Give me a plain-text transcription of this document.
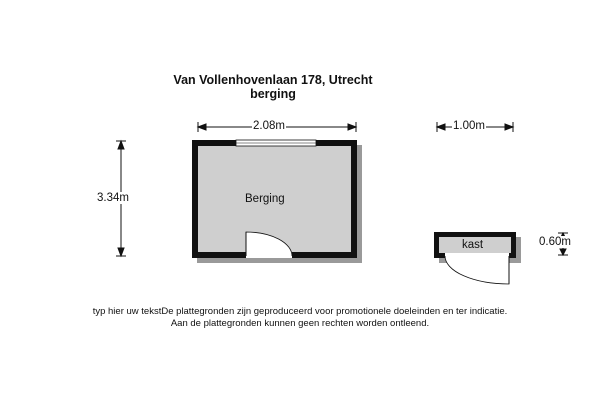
Van Vollenhovenlaan 178, Utrecht
berging
2.08m
3.34m
1.00m
0.60m
Berging
kast
typ hier uw tekstDe plattegronden zijn geproduceerd voor promotionele doeleinden en ter indicatie.
Aan de plattegronden kunnen geen rechten worden ontleend.
